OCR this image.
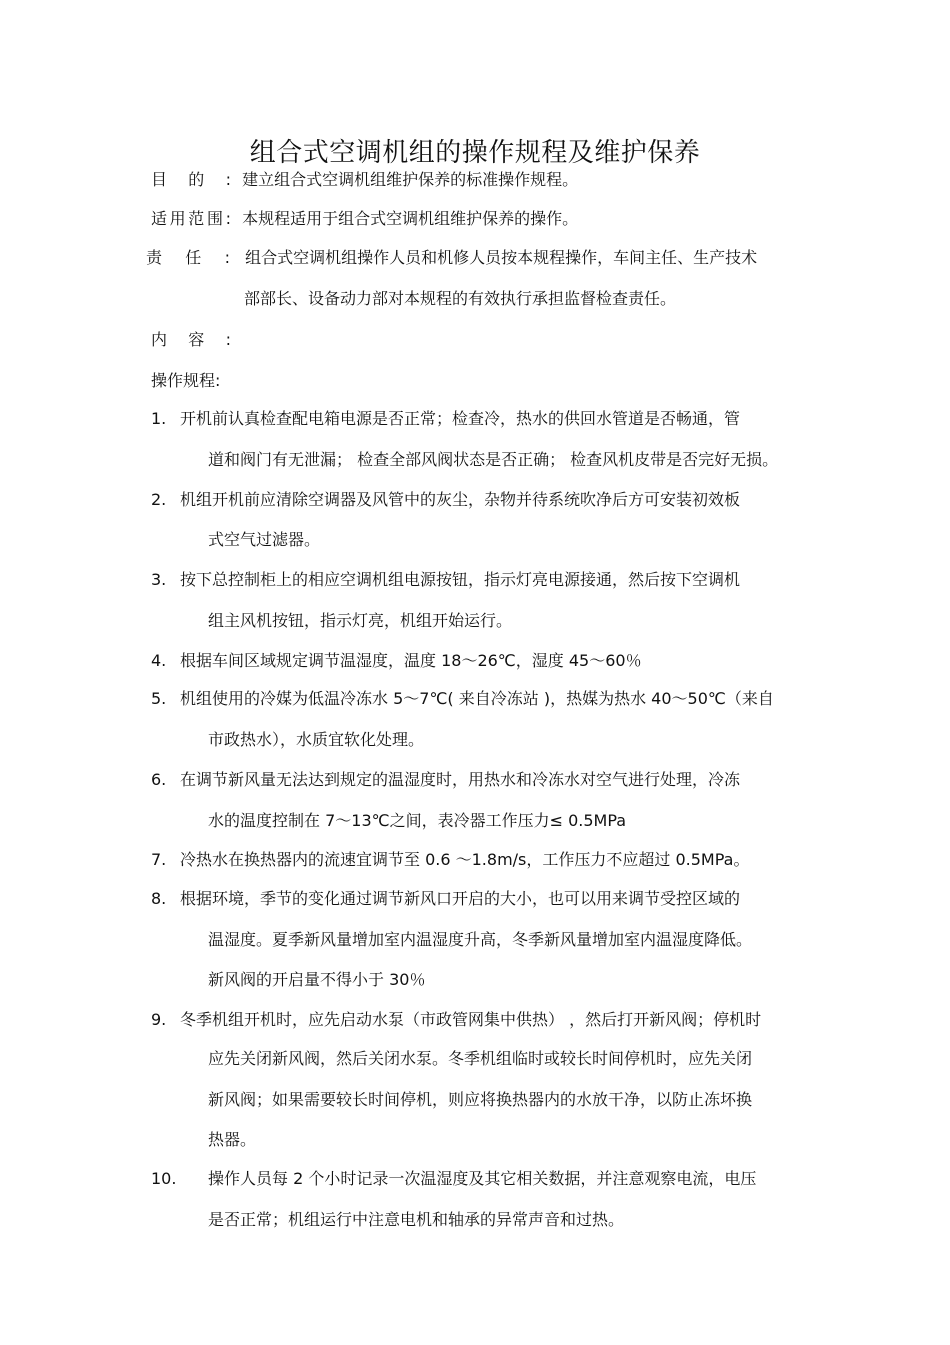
组合式空调机组的操作规程及维护保养
目的: 建立组合式空调机组维护保养的标准操作规程。
适用范围: 本规程适用于组合式空调机组维护保养的操作。
责任: 组合式空调机组操作人员和机修人员按本规程操作，车间主任、生产技术
部部长、设备动力部对本规程的有效执行承担监督检查责任。
内容:
操作规程:
1. 开机前认真检查配电箱电源是否正常；检查冷，热水的供回水管道是否畅通，管
道和阀门有无泄漏； 检查全部风阀状态是否正确； 检查风机皮带是否完好无损。
2. 机组开机前应清除空调器及风管中的灰尘，杂物并待系统吹净后方可安装初效板
式空气过滤器。
3. 按下总控制柜上的相应空调机组电源按钮，指示灯亮电源接通，然后按下空调机
组主风机按钮，指示灯亮，机组开始运行。
4. 根据车间区域规定调节温湿度，温度 18～26℃，湿度 45～60％
5. 机组使用的冷媒为低温冷冻水 5～7℃( 来自冷冻站 )，热媒为热水 40～50℃（来自
市政热水），水质宜软化处理。
6. 在调节新风量无法达到规定的温湿度时，用热水和冷冻水对空气进行处理，冷冻
水的温度控制在 7～13℃之间，表冷器工作压力≤ 0.5MPa
7. 冷热水在换热器内的流速宜调节至 0.6 ～1.8m/s，工作压力不应超过 0.5MPa。
8. 根据环境，季节的变化通过调节新风口开启的大小，也可以用来调节受控区域的
温湿度。夏季新风量增加室内温湿度升高，冬季新风量增加室内温湿度降低。
新风阀的开启量不得小于 30％
9. 冬季机组开机时，应先启动水泵（市政管网集中供热） ，然后打开新风阀；停机时
应先关闭新风阀，然后关闭水泵。冬季机组临时或较长时间停机时，应先关闭
新风阀；如果需要较长时间停机，则应将换热器内的水放干净，以防止冻坏换
热器。
10. 操作人员每 2 个小时记录一次温湿度及其它相关数据，并注意观察电流，电压
是否正常；机组运行中注意电机和轴承的异常声音和过热。
